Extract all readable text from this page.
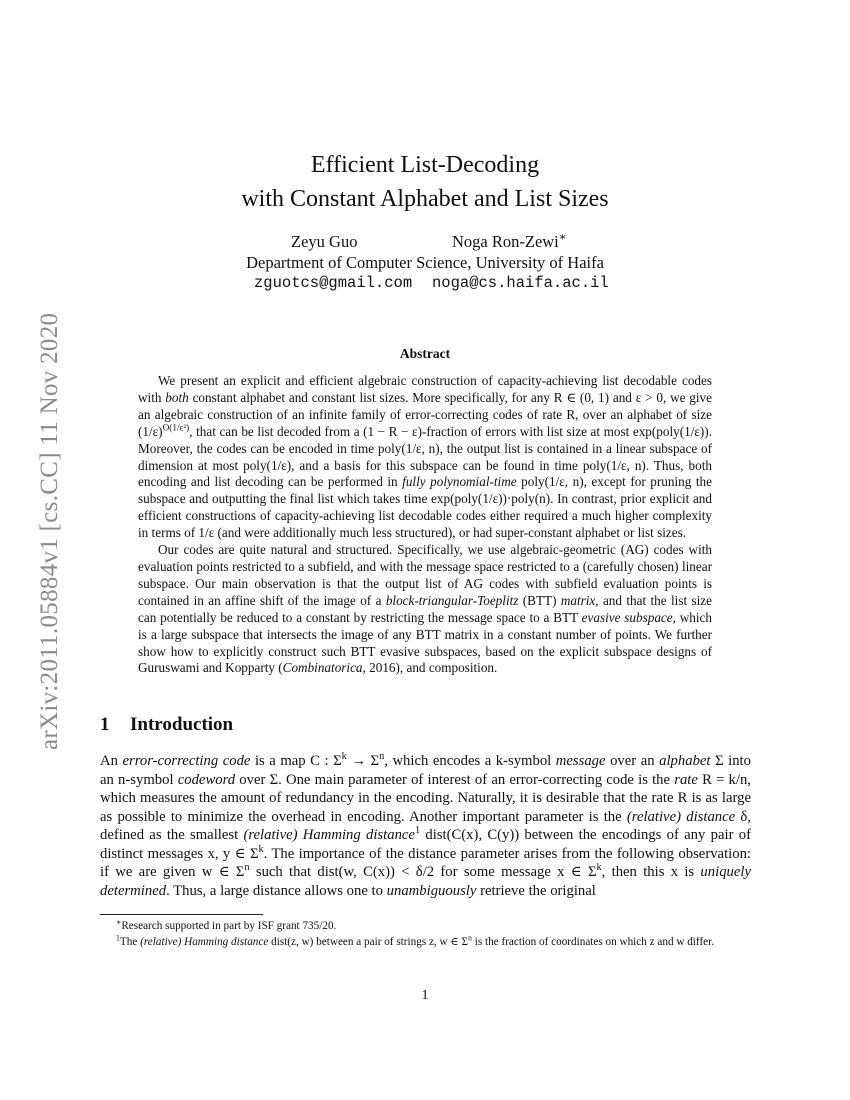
arXiv:2011.05884v1 [cs.CC] 11 Nov 2020
Efficient List-Decoding
with Constant Alphabet and List Sizes
Zeyu Guo	Noga Ron-Zewi∗
Department of Computer Science, University of Haifa
zguotcs@gmail.com noga@cs.haifa.ac.il
Abstract

We present an explicit and efficient algebraic construction of capacity-achieving list decodable codes with both constant alphabet and constant list sizes. More specifically, for any R ∈ (0, 1) and ε > 0, we give an algebraic construction of an infinite family of error-correcting codes of rate R, over an alphabet of size $(1/\varepsilon)^{O(1/\varepsilon^2)}$, that can be list decoded from a (1 − R − ε)-fraction of errors with list size at most exp(poly(1/ε)). Moreover, the codes can be encoded in time poly(1/ε, n), the output list is contained in a linear subspace of dimension at most poly(1/ε), and a basis for this subspace can be found in time poly(1/ε, n). Thus, both encoding and list decoding can be performed in fully polynomial-time poly(1/ε, n), except for pruning the subspace and outputting the final list which takes time exp(poly(1/ε))·poly(n). In contrast, prior explicit and efficient constructions of capacity-achieving list decodable codes either required a much higher complexity in terms of 1/ε (and were additionally much less structured), or had super-constant alphabet or list sizes.

Our codes are quite natural and structured. Specifically, we use algebraic-geometric (AG) codes with evaluation points restricted to a subfield, and with the message space restricted to a (carefully chosen) linear subspace. Our main observation is that the output list of AG codes with subfield evaluation points is contained in an affine shift of the image of a block-triangular-Toeplitz (BTT) matrix, and that the list size can potentially be reduced to a constant by restricting the message space to a BTT evasive subspace, which is a large subspace that intersects the image of any BTT matrix in a constant number of points. We further show how to explicitly construct such BTT evasive subspaces, based on the explicit subspace designs of Guruswami and Kopparty (Combinatorica, 2016), and composition.

1 Introduction

An error-correcting code is a map C : $\Sigma^k \to \Sigma^n$, which encodes a k-symbol message over an alphabet Σ into an n-symbol codeword over Σ. One main parameter of interest of an error-correcting code is the rate R = k/n, which measures the amount of redundancy in the encoding. Naturally, it is desirable that the rate R is as large as possible to minimize the overhead in encoding. Another important parameter is the (relative) distance δ, defined as the smallest (relative) Hamming distance$^1$ dist(C(x), C(y)) between the encodings of any pair of distinct messages x, y ∈ $\Sigma^k$. The importance of the distance parameter arises from the following observation: if we are given w ∈ $\Sigma^n$ such that dist(w, C(x)) < δ/2 for some message x ∈ $\Sigma^k$, then this x is uniquely determined. Thus, a large distance allows one to unambiguously retrieve the original

∗Research supported in part by ISF grant 735/20.

$^1$The (relative) Hamming distance dist(z, w) between a pair of strings z, w ∈ $\Sigma^n$ is the fraction of coordinates on which z and w differ.

1
